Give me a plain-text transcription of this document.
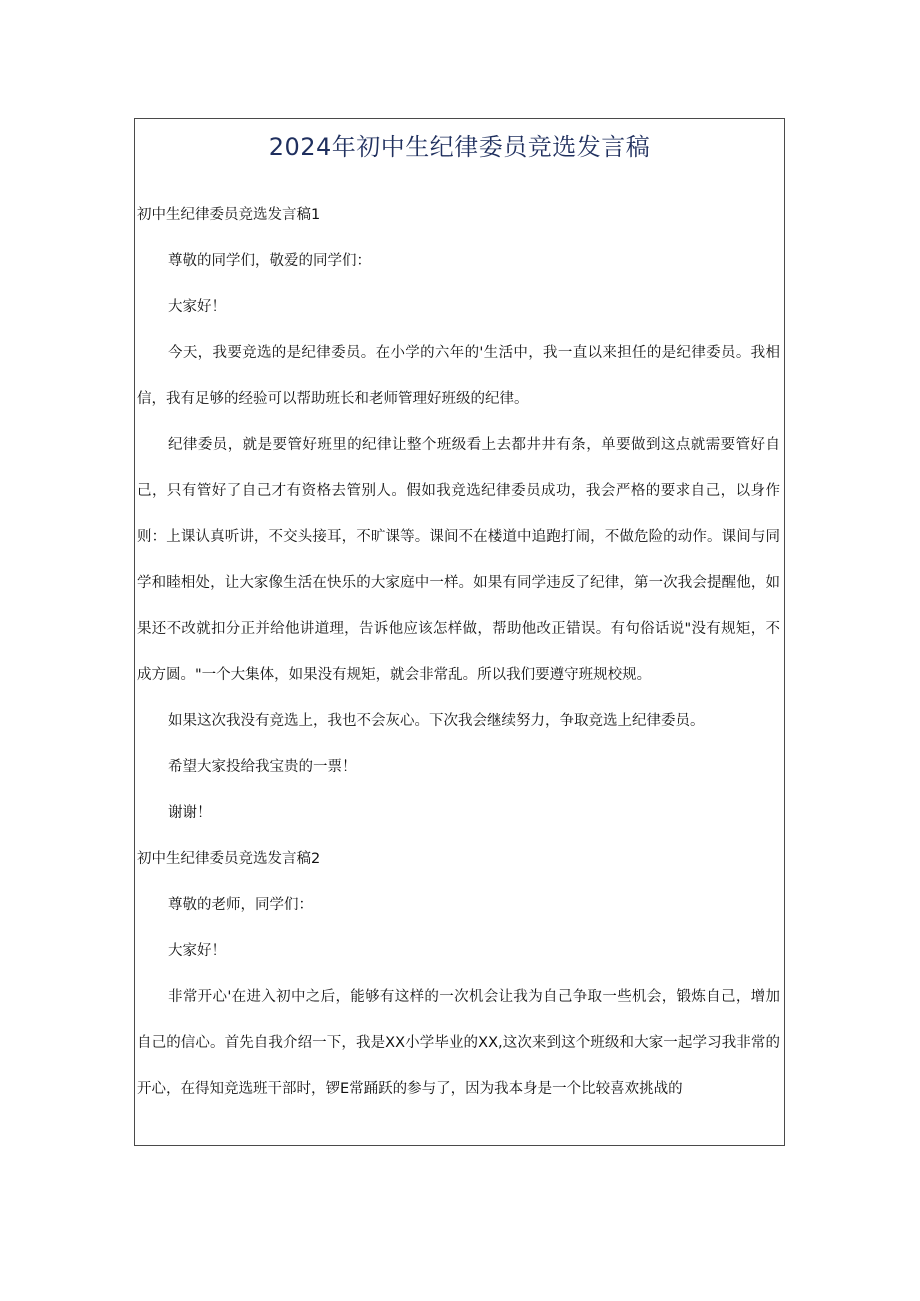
2024年初中生纪律委员竞选发言稿

初中生纪律委员竞选发言稿1

尊敬的同学们，敬爱的同学们：

大家好！

今天，我要竞选的是纪律委员。在小学的六年的'生活中，我一直以来担任的是纪律委员。我相信，我有足够的经验可以帮助班长和老师管理好班级的纪律。

纪律委员，就是要管好班里的纪律让整个班级看上去都井井有条，单要做到这点就需要管好自己，只有管好了自己才有资格去管别人。假如我竞选纪律委员成功，我会严格的要求自己，以身作则：上课认真听讲，不交头接耳，不旷课等。课间不在楼道中追跑打闹，不做危险的动作。课间与同学和睦相处，让大家像生活在快乐的大家庭中一样。如果有同学违反了纪律，第一次我会提醒他，如果还不改就扣分正并给他讲道理，告诉他应该怎样做，帮助他改正错误。有句俗话说"没有规矩，不成方圆。"一个大集体，如果没有规矩，就会非常乱。所以我们要遵守班规校规。

如果这次我没有竞选上，我也不会灰心。下次我会继续努力，争取竞选上纪律委员。

希望大家投给我宝贵的一票！

谢谢！

初中生纪律委员竞选发言稿2

尊敬的老师，同学们：

大家好！

非常开心'在进入初中之后，能够有这样的一次机会让我为自己争取一些机会，锻炼自己，增加自己的信心。首先自我介绍一下，我是XX小学毕业的XX,这次来到这个班级和大家一起学习我非常的开心，在得知竞选班干部时，锣E常踊跃的参与了，因为我本身是一个比较喜欢挑战的
